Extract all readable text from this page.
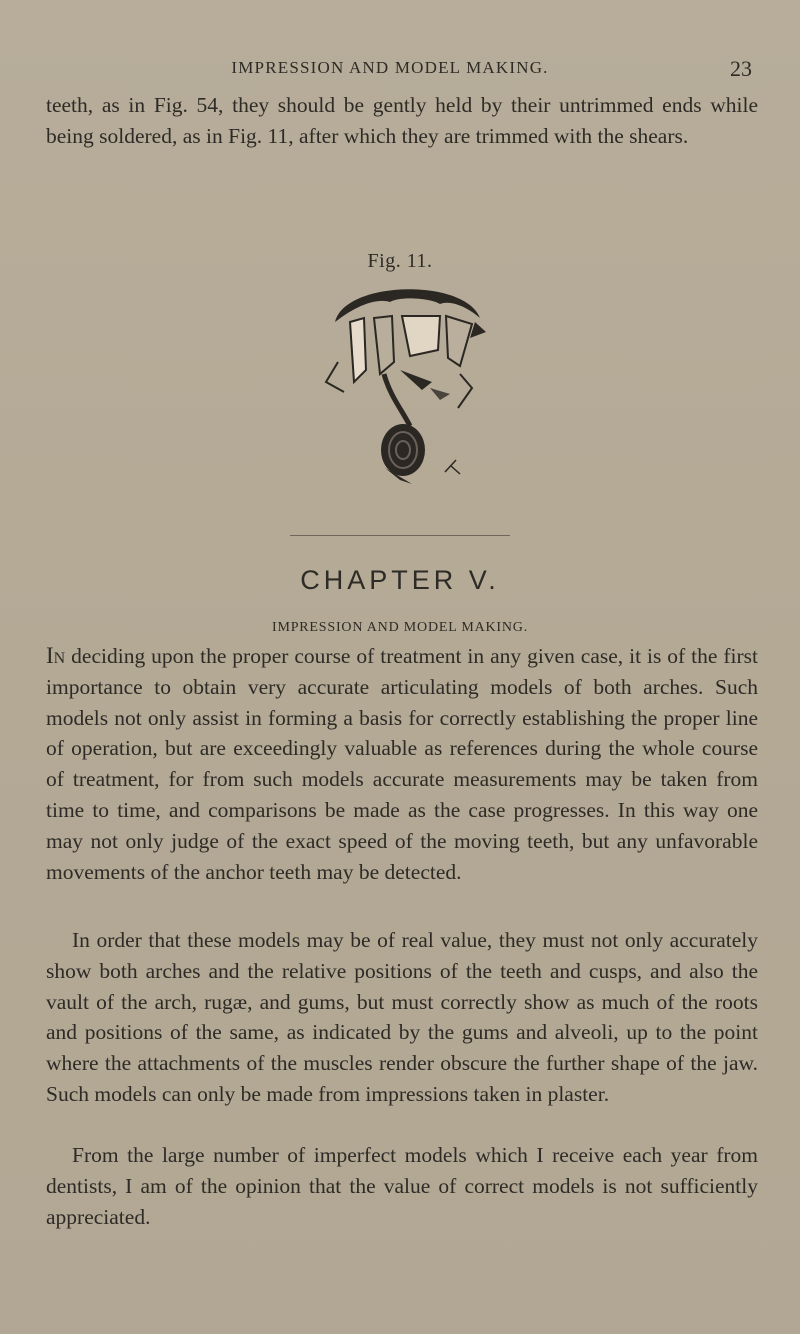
IMPRESSION AND MODEL MAKING.	23

teeth, as in Fig. 54, they should be gently held by their untrimmed ends while being soldered, as in Fig. 11, after which they are trimmed with the shears.

Fig. 11.
CHAPTER V.
IMPRESSION AND MODEL MAKING.

In deciding upon the proper course of treatment in any given case, it is of the first importance to obtain very accurate articulating models of both arches. Such models not only assist in forming a basis for correctly establishing the proper line of operation, but are exceedingly valuable as references during the whole course of treatment, for from such models accurate measurements may be taken from time to time, and comparisons be made as the case progresses. In this way one may not only judge of the exact speed of the moving teeth, but any unfavorable movements of the anchor teeth may be detected.

In order that these models may be of real value, they must not only accurately show both arches and the relative positions of the teeth and cusps, and also the vault of the arch, rugæ, and gums, but must correctly show as much of the roots and positions of the same, as indicated by the gums and alveoli, up to the point where the attachments of the muscles render obscure the further shape of the jaw. Such models can only be made from impressions taken in plaster.

From the large number of imperfect models which I receive each year from dentists, I am of the opinion that the value of correct models is not sufficiently appreciated.
